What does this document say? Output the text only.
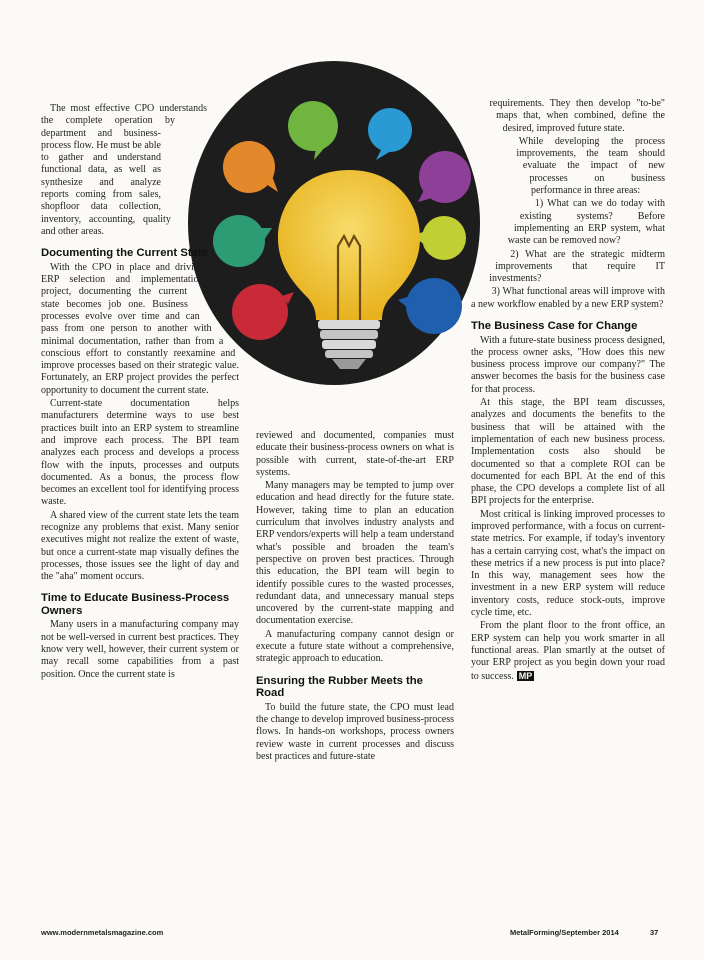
The most effective CPO understands the complete operation by department and business-process flow. He must be able to gather and understand functional data, as well as synthesize and analyze reports coming from sales, shopfloor data collection, inventory, accounting, quality and other areas.

Documenting the Current State

With the CPO in place and driving the ERP selection and implementation project, documenting the current state becomes job one. Business processes evolve over time and can pass from one person to another with minimal documentation, rather than from a conscious effort to constantly reexamine and improve processes based on their strategic value. Fortunately, an ERP project provides the perfect opportunity to document the current state.

Current-state documentation helps manufacturers determine ways to use best practices built into an ERP system to streamline and improve each process. The BPI team analyzes each process and develops a process flow with the inputs, processes and outputs documented. As a bonus, the process flow becomes an excellent tool for identifying process waste.

A shared view of the current state lets the team recognize any problems that exist. Many senior executives might not realize the extent of waste, but once a current-state map visually defines the processes, those issues see the light of day and the "aha" moment occurs.

Time to Educate Business-Process Owners

Many users in a manufacturing company may not be well-versed in current best practices. They know very well, however, their current system or may recall some capabilities from a past position. Once the current state is

reviewed and documented, companies must educate their business-process owners on what is possible with current, state-of-the-art ERP systems.

Many managers may be tempted to jump over education and head directly for the future state. However, taking time to plan an education curriculum that involves industry analysts and ERP vendors/experts will help a team understand what's possible and broaden the team's perspective on proven best practices. Through this education, the BPI team will begin to identify possible cures to the wasted processes, redundant data, and unnecessary manual steps uncovered by the current-state mapping and documentation exercise.

A manufacturing company cannot design or execute a future state without a comprehensive, strategic approach to education.

Ensuring the Rubber Meets the Road

To build the future state, the CPO must lead the change to develop improved business-process flows. In hands-on workshops, process owners review waste in current processes and discuss best practices and future-state

requirements. They then develop "to-be" maps that, when combined, define the desired, improved future state.

While developing the process improvements, the team should evaluate the impact of new processes on business performance in three areas:

1) What can we do today with existing systems? Before implementing an ERP system, what waste can be removed now?
2) What are the strategic midterm improvements that require IT investments?
3) What functional areas will improve with a new workflow enabled by a new ERP system?
The Business Case for Change

With a future-state business process designed, the process owner asks, "How does this new business process improve our company?" The answer becomes the basis for the business case for that process.

At this stage, the BPI team discusses, analyzes and documents the benefits to the business that will be attained with the implementation of each new business process. Implementation costs also should be documented so that a complete ROI can be documented for each BPI. At the end of this phase, the CPO develops a complete list of all BPI projects for the enterprise.

Most critical is linking improved processes to improved performance, with a focus on current-state metrics. For example, if today's inventory has a certain carrying cost, what's the impact on these metrics if a new process is put into place? In this way, management sees how the investment in a new ERP system will reduce inventory costs, reduce stock-outs, improve cycle time, etc.

From the plant floor to the front office, an ERP system can help you work smarter in all functional areas. Plan smartly at the outset of your ERP project as you begin down your road to success. MP

www.modernmetalsmagazine.com	MetalForming/September 2014	37
